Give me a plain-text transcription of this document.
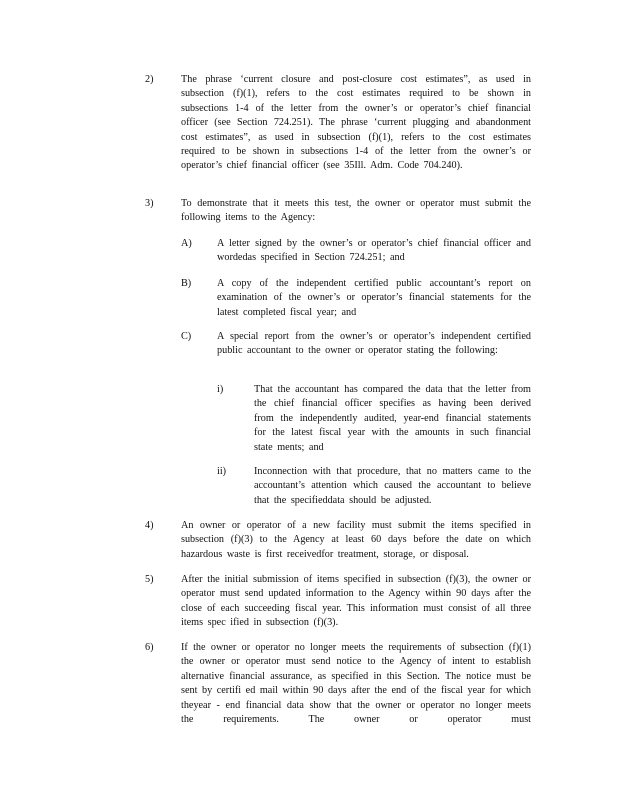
2)	The phrase ‘current closure and post-closure cost estimates”, as used in subsection (f)(1), refers to the cost estimates required to be shown in subsections 1-4 of the letter from the owner’s or operator’s chief financial officer (see Section 724.251). The phrase ‘current plugging and abandonment cost estimates”, as used in subsection (f)(1), refers to the cost estimates required to be shown in subsections 1-4 of the letter from the owner’s or operator’s chief financial officer (see 35Ill. Adm. Code 704.240).
3)	To demonstrate that it meets this test, the owner or operator must submit the following items to the Agency:
A) A letter signed by the owner’s or operator’s chief financial officer and wordedas specified in Section 724.251; and
B)	A copy of the independent certified public accountant’s report on examination of the owner’s or operator’s financial statements for the latest completed fiscal year; and
C)	A special report from the owner’s or operator’s independent certified public accountant to the owner or operator stating the following:
i)	That the accountant has compared the data that the letter from the chief financial officer specifies as having been derived from the independently audited, year-end financial statements for the latest fiscal year with the amounts in such financial state ments; and
ii)	Inconnection with that procedure, that no matters came to the accountant’s attention which caused the accountant to believe that the specifieddata should be adjusted.
4)	An owner or operator of a new facility must submit the items specified in subsection (f)(3) to the Agency at least 60 days before the date on which hazardous waste is first receivedfor treatment, storage, or disposal.
5)	After the initial submission of items specified in subsection (f)(3), the owner or operator must send updated information to the Agency within 90 days after the close of each succeeding fiscal year. This information must consist of all three items spec ified in subsection (f)(3).
6)	If the owner or operator no longer meets the requirements of subsection (f)(1) the owner or operator must send notice to the Agency of intent to establish alternative financial assurance, as specified in this Section. The notice must be sent by certifi ed mail within 90 days after the end of the fiscal year for which theyear - end financial data show that the owner or operator no longer meets the requirements. The owner or operator must
